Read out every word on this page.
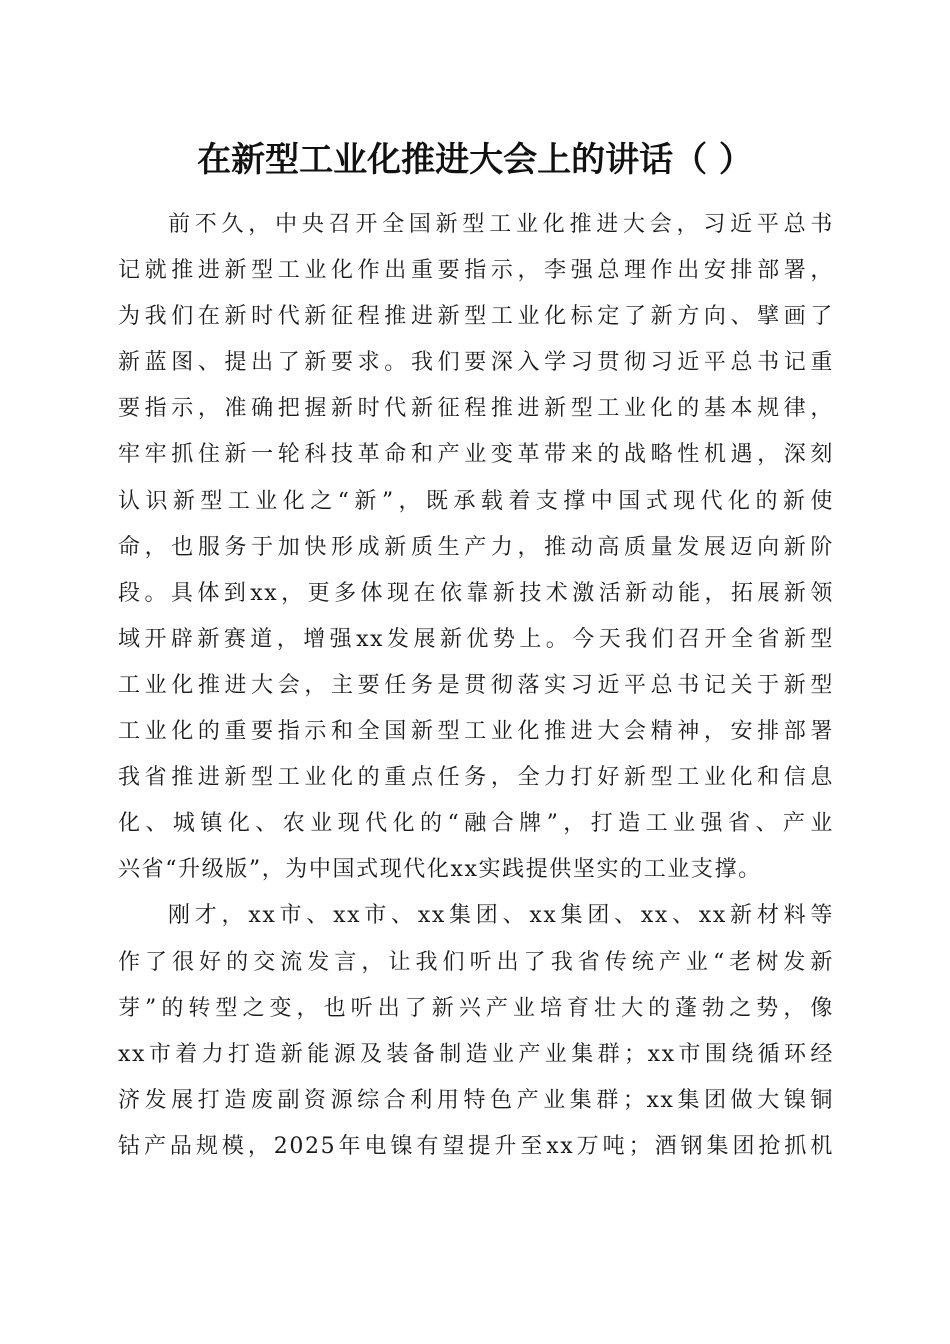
在新型工业化推进大会上的讲话（ ）
前不久，中央召开全国新型工业化推进大会，习近平总书
记就推进新型工业化作出重要指示，李强总理作出安排部署，
为我们在新时代新征程推进新型工业化标定了新方向、擘画了
新蓝图、提出了新要求。我们要深入学习贯彻习近平总书记重
要指示，准确把握新时代新征程推进新型工业化的基本规律，
牢牢抓住新一轮科技革命和产业变革带来的战略性机遇，深刻
认识新型工业化之“新”，既承载着支撑中国式现代化的新使
命，也服务于加快形成新质生产力，推动高质量发展迈向新阶
段。具体到xx，更多体现在依靠新技术激活新动能，拓展新领
域开辟新赛道，增强xx发展新优势上。今天我们召开全省新型
工业化推进大会，主要任务是贯彻落实习近平总书记关于新型
工业化的重要指示和全国新型工业化推进大会精神，安排部署
我省推进新型工业化的重点任务，全力打好新型工业化和信息
化、城镇化、农业现代化的“融合牌”，打造工业强省、产业
兴省“升级版”，为中国式现代化xx实践提供坚实的工业支撑。
刚才，xx市、xx市、xx集团、xx集团、xx、xx新材料等
作了很好的交流发言，让我们听出了我省传统产业“老树发新
芽”的转型之变，也听出了新兴产业培育壮大的蓬勃之势，像
xx市着力打造新能源及装备制造业产业集群；xx市围绕循环经
济发展打造废副资源综合利用特色产业集群；xx集团做大镍铜
钴产品规模，2025年电镍有望提升至xx万吨；酒钢集团抢抓机
